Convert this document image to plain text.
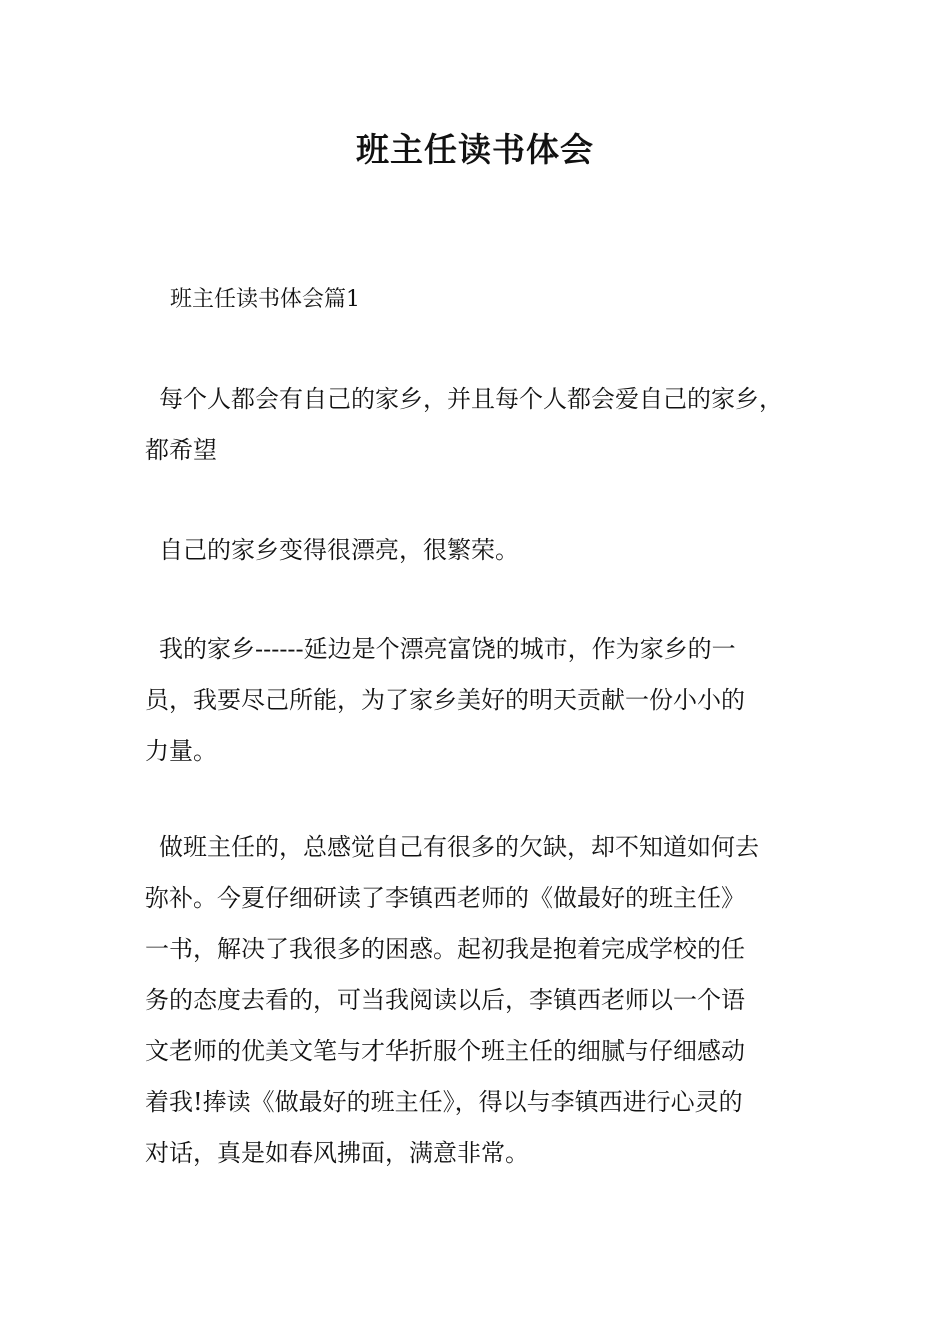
班主任读书体会
班主任读书体会篇1
每个人都会有自己的家乡，并且每个人都会爱自己的家乡，
都希望
自己的家乡变得很漂亮，很繁荣。
我的家乡------延边是个漂亮富饶的城市，作为家乡的一
员，我要尽己所能，为了家乡美好的明天贡献一份小小的
力量。
做班主任的，总感觉自己有很多的欠缺，却不知道如何去
弥补。今夏仔细研读了李镇西老师的《做最好的班主任》
一书，解决了我很多的困惑。起初我是抱着完成学校的任
务的态度去看的，可当我阅读以后，李镇西老师以一个语
文老师的优美文笔与才华折服个班主任的细腻与仔细感动
着我!捧读《做最好的班主任》，得以与李镇西进行心灵的
对话，真是如春风拂面，满意非常。
